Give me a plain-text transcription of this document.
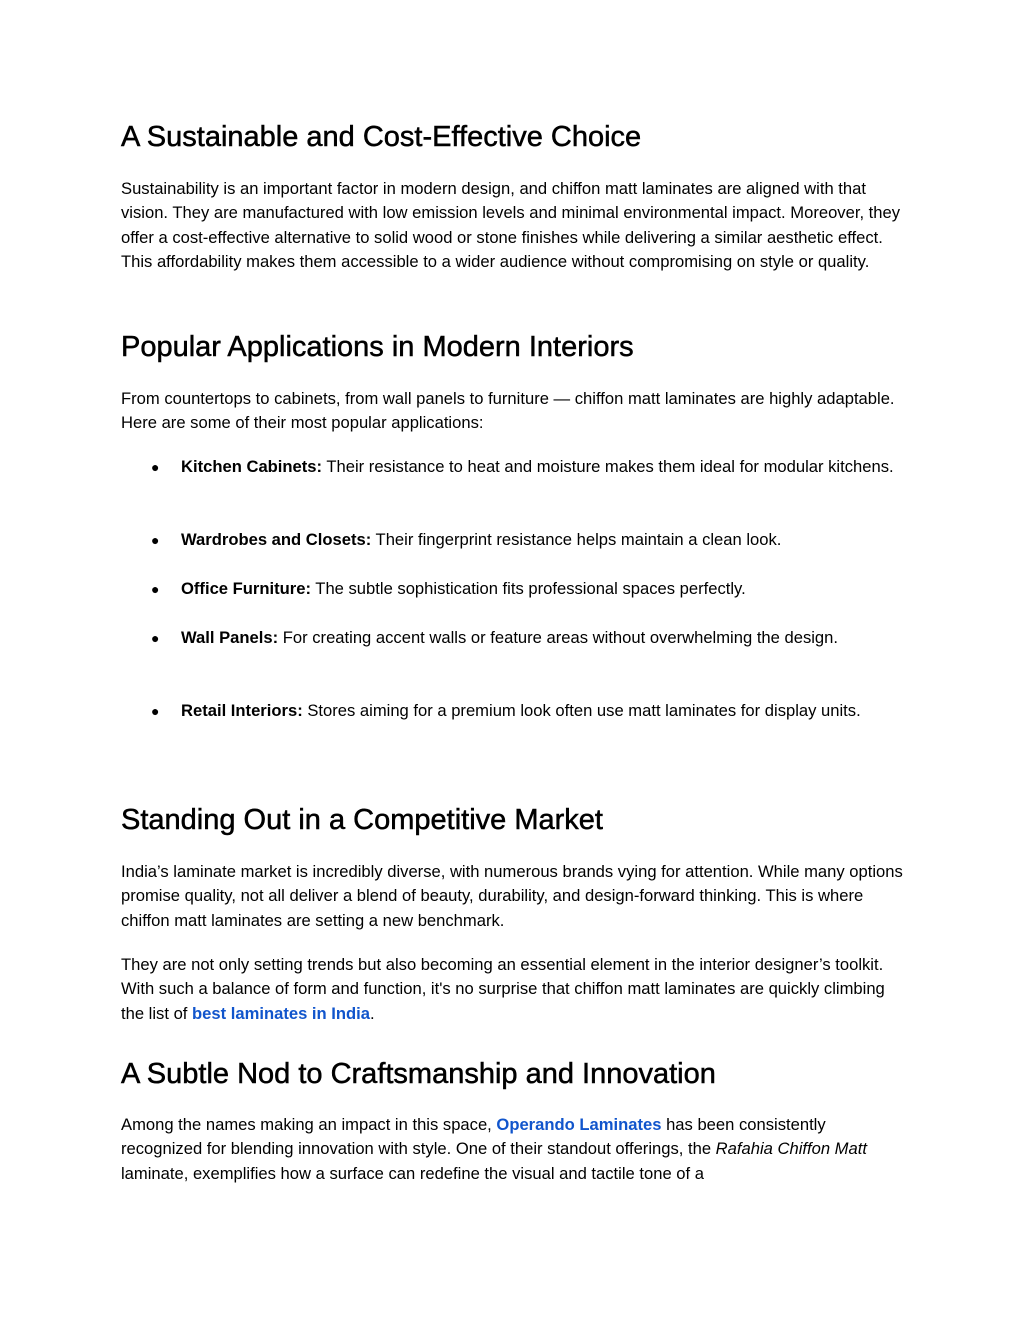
A Sustainable and Cost-Effective Choice

Sustainability is an important factor in modern design, and chiffon matt laminates are aligned with that vision. They are manufactured with low emission levels and minimal environmental impact. Moreover, they offer a cost-effective alternative to solid wood or stone finishes while delivering a similar aesthetic effect. This affordability makes them accessible to a wider audience without compromising on style or quality.

Popular Applications in Modern Interiors

From countertops to cabinets, from wall panels to furniture — chiffon matt laminates are highly adaptable. Here are some of their most popular applications:

● Kitchen Cabinets: Their resistance to heat and moisture makes them ideal for modular kitchens.
● Wardrobes and Closets: Their fingerprint resistance helps maintain a clean look.
● Office Furniture: The subtle sophistication fits professional spaces perfectly.
● Wall Panels: For creating accent walls or feature areas without overwhelming the design.
● Retail Interiors: Stores aiming for a premium look often use matt laminates for display units.
Standing Out in a Competitive Market

India’s laminate market is incredibly diverse, with numerous brands vying for attention. While many options promise quality, not all deliver a blend of beauty, durability, and design-forward thinking. This is where chiffon matt laminates are setting a new benchmark.

They are not only setting trends but also becoming an essential element in the interior designer’s toolkit. With such a balance of form and function, it's no surprise that chiffon matt laminates are quickly climbing the list of best laminates in India.

A Subtle Nod to Craftsmanship and Innovation

Among the names making an impact in this space, Operando Laminates has been consistently recognized for blending innovation with style. One of their standout offerings, the Rafahia Chiffon Matt laminate, exemplifies how a surface can redefine the visual and tactile tone of a
